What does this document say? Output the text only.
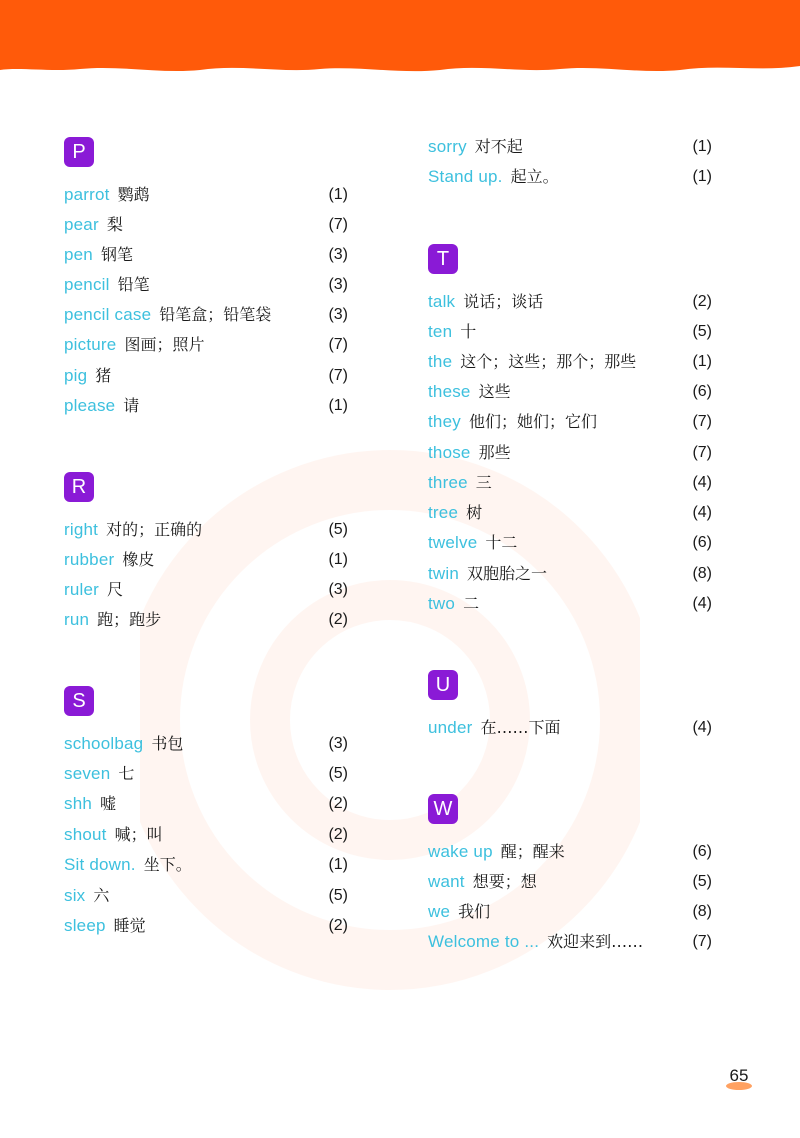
P
parrot 鹦鹉	(1)
pear 梨	(7)
pen 钢笔	(3)
pencil 铅笔	(3)
pencil case 铅笔盒；铅笔袋	(3)
picture 图画；照片	(7)
pig 猪	(7)
please 请	(1)
R
right 对的；正确的	(5)
rubber 橡皮	(1)
ruler 尺	(3)
run 跑；跑步	(2)
S
schoolbag 书包	(3)
seven 七	(5)
shh 嘘	(2)
shout 喊；叫	(2)
Sit down. 坐下。	(1)
six 六	(5)
sleep 睡觉	(2)
sorry 对不起	(1)
Stand up. 起立。	(1)
T
talk 说话；谈话	(2)
ten 十	(5)
the 这个；这些；那个；那些	(1)
these 这些	(6)
they 他们；她们；它们	(7)
those 那些	(7)
three 三	(4)
tree 树	(4)
twelve 十二	(6)
twin 双胞胎之一	(8)
two 二	(4)
U
under 在……下面	(4)
W
wake up 醒；醒来	(6)
want 想要；想	(5)
we 我们	(8)
Welcome to ... 欢迎来到……	(7)
65
